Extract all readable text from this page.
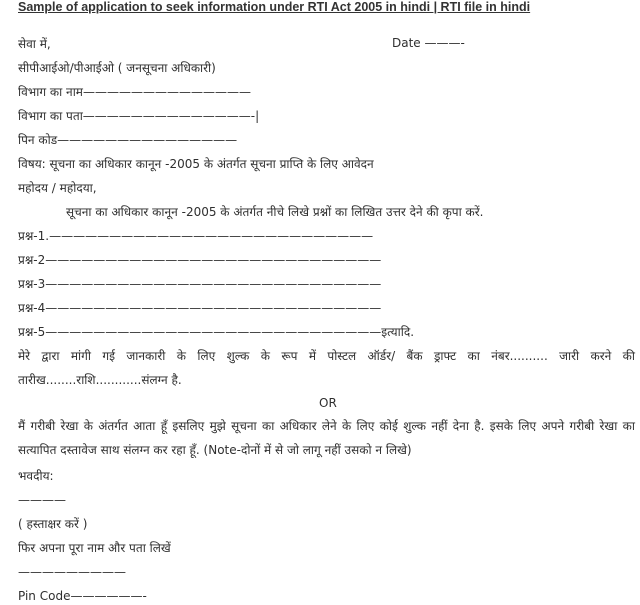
Sample of application to seek information under RTI Act 2005 in hindi | RTI file in hindi
सेवा में,	Date ———-
सीपीआईओ/पीआईओ ( जनसूचना अधिकारी)
विभाग का नाम——————————————
विभाग का पता——————————————-|
पिन कोड———————————————
विषय: सूचना का अधिकार कानून -2005 के अंतर्गत सूचना प्राप्ति के लिए आवेदन
महोदय / महोदया,
सूचना का अधिकार कानून -2005 के अंतर्गत नीचे लिखे प्रश्नों का लिखित उत्तर देने की कृपा करें.
प्रश्न-1.———————————————————————————
प्रश्न-2————————————————————————————
प्रश्न-3————————————————————————————
प्रश्न-4————————————————————————————
प्रश्न-5————————————————————————————इत्यादि.
मेरे द्वारा मांगी गई जानकारी के लिए शुल्क के रूप में पोस्टल ऑर्डर/ बैंक ड्राफ्ट का नंबर.......... जारी करने की तारीख........राशि............संलग्न है.
OR
मैं गरीबी रेखा के अंतर्गत आता हूँ इसलिए मुझे सूचना का अधिकार लेने के लिए कोई शुल्क नहीं देना है. इसके लिए अपने गरीबी रेखा का सत्यापित दस्तावेज साथ संलग्न कर रहा हूँ. (Note-दोनों में से जो लागू नहीं उसको न लिखे)
भवदीय:
————
( हस्ताक्षर करें )
फिर अपना पूरा नाम और पता लिखें
—————————
Pin Code——————-
